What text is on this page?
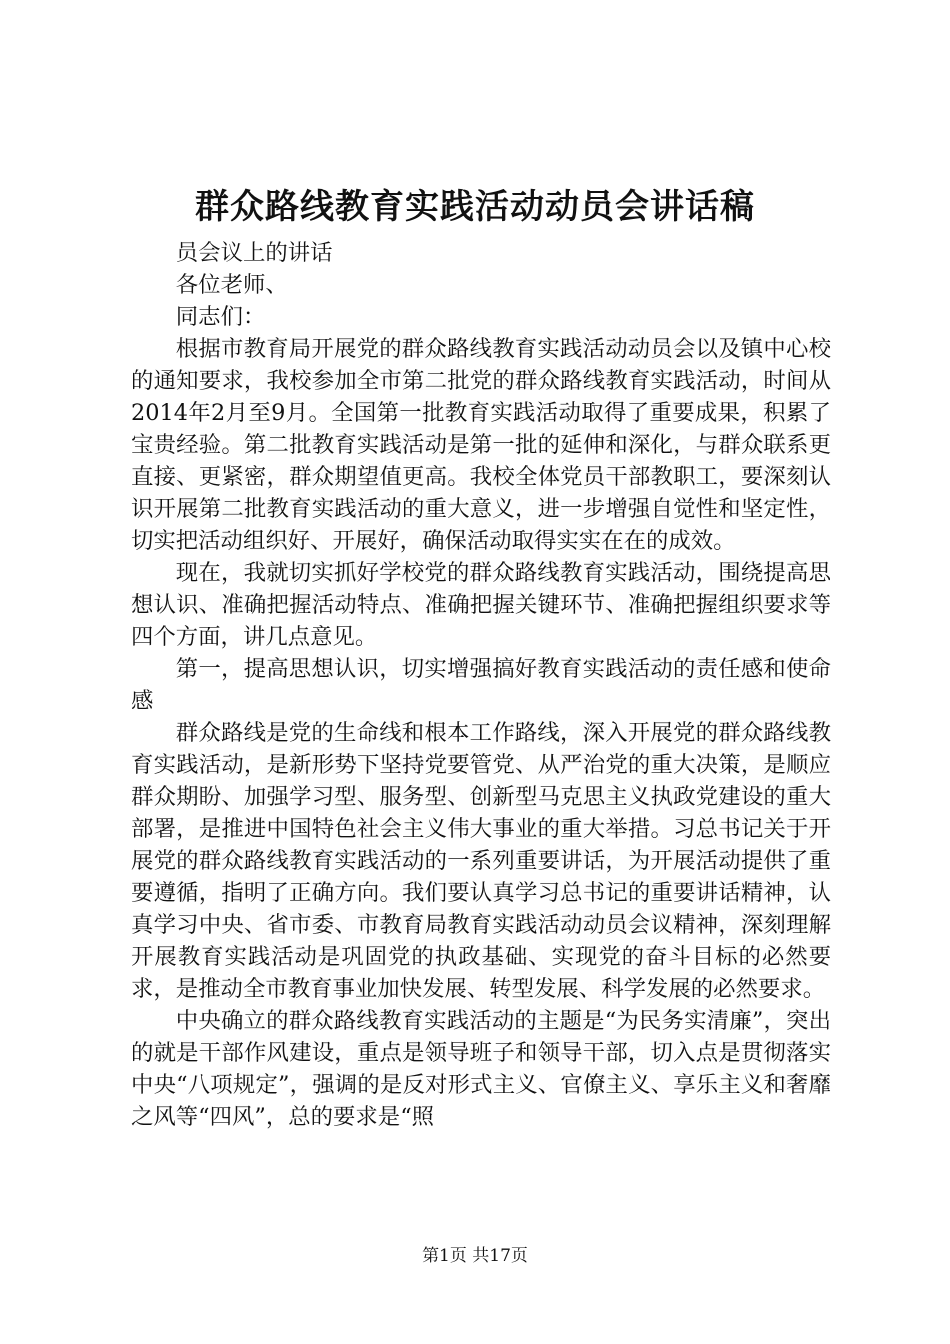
群众路线教育实践活动动员会讲话稿

员会议上的讲话

各位老师、

同志们：

根据市教育局开展党的群众路线教育实践活动动员会以及镇中心校的通知要求，我校参加全市第二批党的群众路线教育实践活动，时间从2014年2月至9月。全国第一批教育实践活动取得了重要成果，积累了宝贵经验。第二批教育实践活动是第一批的延伸和深化，与群众联系更直接、更紧密，群众期望值更高。我校全体党员干部教职工，要深刻认识开展第二批教育实践活动的重大意义，进一步增强自觉性和坚定性，切实把活动组织好、开展好，确保活动取得实实在在的成效。

现在，我就切实抓好学校党的群众路线教育实践活动，围绕提高思想认识、准确把握活动特点、准确把握关键环节、准确把握组织要求等四个方面，讲几点意见。

第一，提高思想认识，切实增强搞好教育实践活动的责任感和使命感

群众路线是党的生命线和根本工作路线，深入开展党的群众路线教育实践活动，是新形势下坚持党要管党、从严治党的重大决策，是顺应群众期盼、加强学习型、服务型、创新型马克思主义执政党建设的重大部署，是推进中国特色社会主义伟大事业的重大举措。习总书记关于开展党的群众路线教育实践活动的一系列重要讲话，为开展活动提供了重要遵循，指明了正确方向。我们要认真学习总书记的重要讲话精神，认真学习中央、省市委、市教育局教育实践活动动员会议精神，深刻理解开展教育实践活动是巩固党的执政基础、实现党的奋斗目标的必然要求，是推动全市教育事业加快发展、转型发展、科学发展的必然要求。

中央确立的群众路线教育实践活动的主题是“为民务实清廉”，突出的就是干部作风建设，重点是领导班子和领导干部，切入点是贯彻落实中央“八项规定”，强调的是反对形式主义、官僚主义、享乐主义和奢靡之风等“四风”，总的要求是“照

第1页 共17页
